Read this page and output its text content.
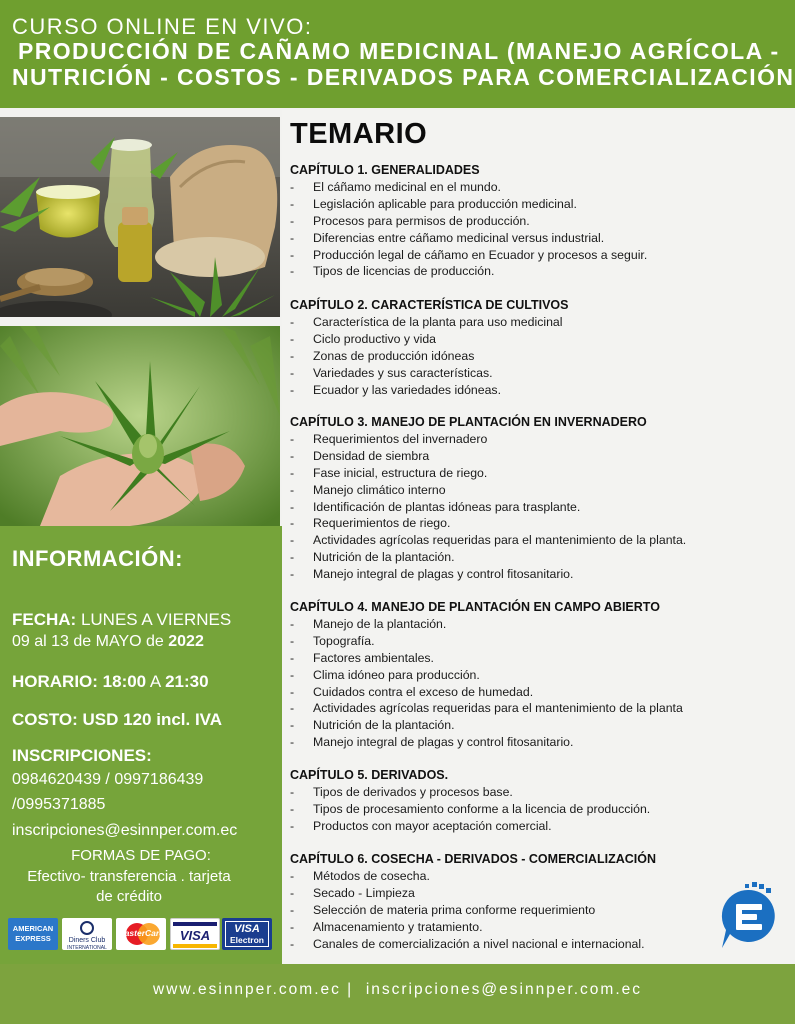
CURSO ONLINE EN VIVO:
PRODUCCIÓN DE CAÑAMO MEDICINAL (MANEJO AGRÍCOLA -
NUTRICIÓN - COSTOS - DERIVADOS PARA COMERCIALIZACIÓN
INFORMACIÓN:
FECHA: LUNES A VIERNES
09 al 13 de MAYO de 2022
HORARIO: 18:00 A 21:30
COSTO: USD 120 incl. IVA
INSCRIPCIONES:
0984620439 / 0997186439
/0995371885
inscripciones@esinnper.com.ec
FORMAS DE PAGO:
Efectivo- transferencia . tarjeta
de crédito
AMERICAN
EXPRESS	Diners Club
INTERNATIONAL
MasterCard	VISA	VISA
Electron
TEMARIO
CAPÍTULO 1. GENERALIDADES
- El cáñamo medicinal en el mundo.
- Legislación aplicable para producción medicinal.
- Procesos para permisos de producción.
- Diferencias entre cáñamo medicinal versus industrial.
- Producción legal de cáñamo en Ecuador y procesos a seguir.
- Tipos de licencias de producción.
CAPÍTULO 2. CARACTERÍSTICA DE CULTIVOS
- Característica de la planta para uso medicinal
- Ciclo productivo y vida
- Zonas de producción idóneas
- Variedades y sus características.
- Ecuador y las variedades idóneas.
CAPÍTULO 3. MANEJO DE PLANTACIÓN EN INVERNADERO
- Requerimientos del invernadero
- Densidad de siembra
- Fase inicial, estructura de riego.
- Manejo climático interno
- Identificación de plantas idóneas para trasplante.
- Requerimientos de riego.
- Actividades agrícolas requeridas para el mantenimiento de la planta.
- Nutrición de la plantación.
- Manejo integral de plagas y control fitosanitario.
CAPÍTULO 4. MANEJO DE PLANTACIÓN EN CAMPO ABIERTO
- Manejo de la plantación.
- Topografía.
- Factores ambientales.
- Clima idóneo para producción.
- Cuidados contra el exceso de humedad.
- Actividades agrícolas requeridas para el mantenimiento de la planta
- Nutrición de la plantación.
- Manejo integral de plagas y control fitosanitario.
CAPÍTULO 5. DERIVADOS.
- Tipos de derivados y procesos base.
- Tipos de procesamiento conforme a la licencia de producción.
- Productos con mayor aceptación comercial.
CAPÍTULO 6. COSECHA - DERIVADOS - COMERCIALIZACIÓN
- Métodos de cosecha.
- Secado - Limpieza
- Selección de materia prima conforme requerimiento
- Almacenamiento y tratamiento.
- Canales de comercialización a nivel nacional e internacional.
www.esinnper.com.ec |  inscripciones@esinnper.com.ec
